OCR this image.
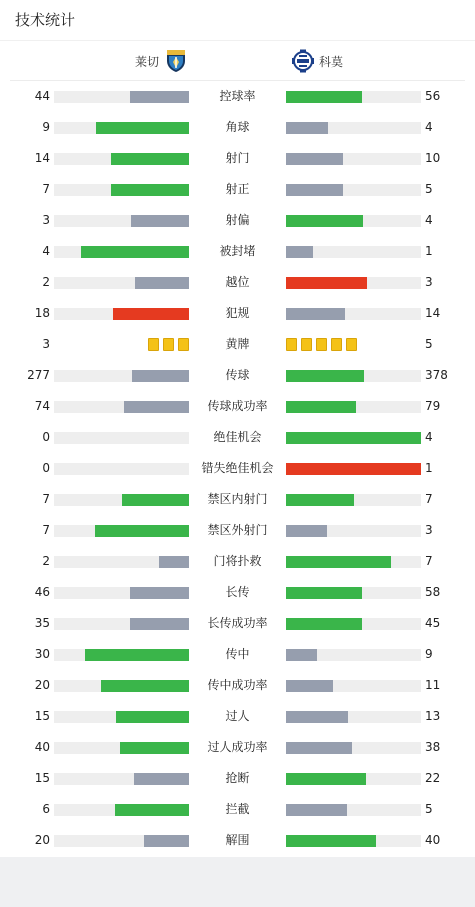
技术统计
莱切	科莫
44	控球率	56
9	角球	4
14	射门	10
7	射正	5
3	射偏	4
4	被封堵	1
2	越位	3
18	犯规	14
3	黄牌	5
277	传球	378
74	传球成功率	79
0	绝佳机会	4
0	错失绝佳机会	1
7	禁区内射门	7
7	禁区外射门	3
2	门将扑救	7
46	长传	58
35	长传成功率	45
30	传中	9
20	传中成功率	11
15	过人	13
40	过人成功率	38
15	抢断	22
6	拦截	5
20	解围	40
